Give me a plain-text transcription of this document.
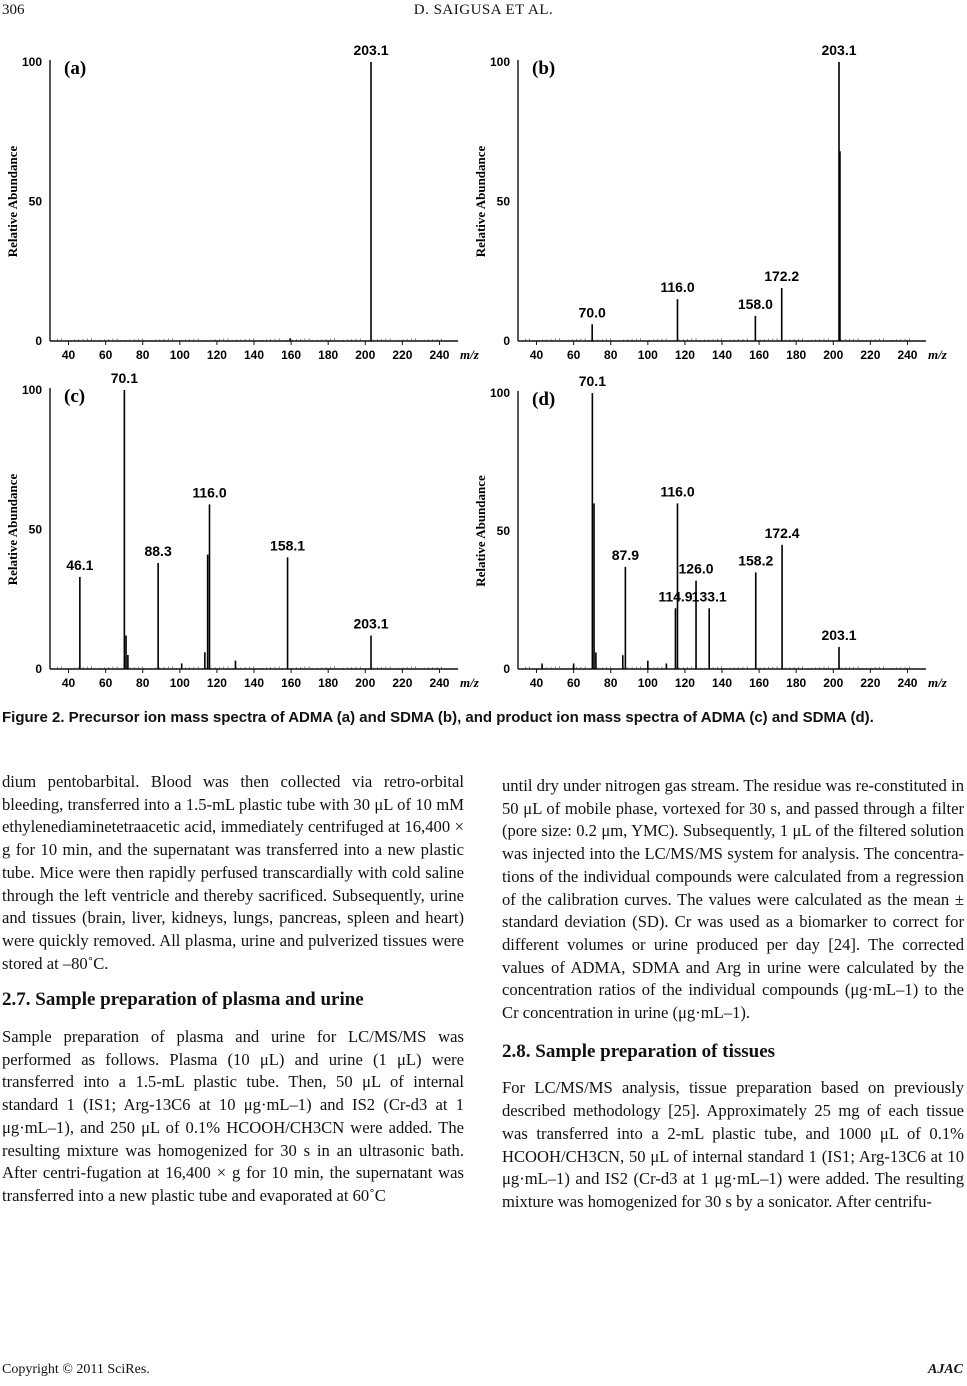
306	D. SAIGUSA ET AL.
0
50
100
40 60 80 100 120 140 160 180 200 220 240 m/z
Relative Abundance
(a)
203.1
0
50
100
40 60 80 100 120 140 160 180 200 220 240 m/z
Relative Abundance
(b)
70.0
116.0
158.0
172.2
203.1
0
50
100
40 60 80 100 120 140 160 180 200 220 240 m/z
Relative Abundance
(c)
46.1
70.1
88.3
116.0
158.1
203.1
0
50
100
40 60 80 100 120 140 160 180 200 220 240 m/z
Relative Abundance
(d)
70.1
87.9
114.9
116.0
126.0
133.1
158.2
172.4
203.1
Figure 2. Precursor ion mass spectra of ADMA (a) and SDMA (b), and product ion mass spectra of ADMA (c) and SDMA (d).

dium pentobarbital. Blood was then collected via retro-orbital bleeding, transferred into a 1.5-mL plastic tube with 30 μL of 10 mM ethylenediaminetetraacetic acid, immediately centrifuged at 16,400 × g for 10 min, and the supernatant was transferred into a new plastic tube. Mice were then rapidly perfused transcardially with cold saline through the left ventricle and thereby sacrificed. Subsequently, urine and tissues (brain, liver, kidneys, lungs, pancreas, spleen and heart) were quickly removed. All plasma, urine and pulverized tissues were stored at –80˚C.

2.7. Sample preparation of plasma and urine

Sample preparation of plasma and urine for LC/MS/MS was performed as follows. Plasma (10 μL) and urine (1 μL) were transferred into a 1.5-mL plastic tube. Then, 50 μL of internal standard 1 (IS1; Arg-13C6 at 10 μg·mL–1) and IS2 (Cr-d3 at 1 μg·mL–1), and 250 μL of 0.1% HCOOH/CH3CN were added. The resulting mixture was homogenized for 30 s in an ultrasonic bath. After centri-fugation at 16,400 × g for 10 min, the supernatant was transferred into a new plastic tube and evaporated at 60˚C

until dry under nitrogen gas stream. The residue was re-constituted in 50 μL of mobile phase, vortexed for 30 s, and passed through a filter (pore size: 0.2 μm, YMC). Subsequently, 1 μL of the filtered solution was injected into the LC/MS/MS system for analysis. The concentra-tions of the individual compounds were calculated from a regression of the calibration curves. The values were calculated as the mean ± standard deviation (SD). Cr was used as a biomarker to correct for different volumes or urine produced per day [24]. The corrected values of ADMA, SDMA and Arg in urine were calculated by the concentration ratios of the individual compounds (μg·mL–1) to the Cr concentration in urine (μg·mL–1).

2.8. Sample preparation of tissues

For LC/MS/MS analysis, tissue preparation based on previously described methodology [25]. Approximately 25 mg of each tissue was transferred into a 2-mL plastic tube, and 1000 μL of 0.1% HCOOH/CH3CN, 50 μL of internal standard 1 (IS1; Arg-13C6 at 10 μg·mL–1) and IS2 (Cr-d3 at 1 μg·mL–1) were added. The resulting mixture was homogenized for 30 s by a sonicator. After centrifu-

Copyright © 2011 SciRes.	AJAC
